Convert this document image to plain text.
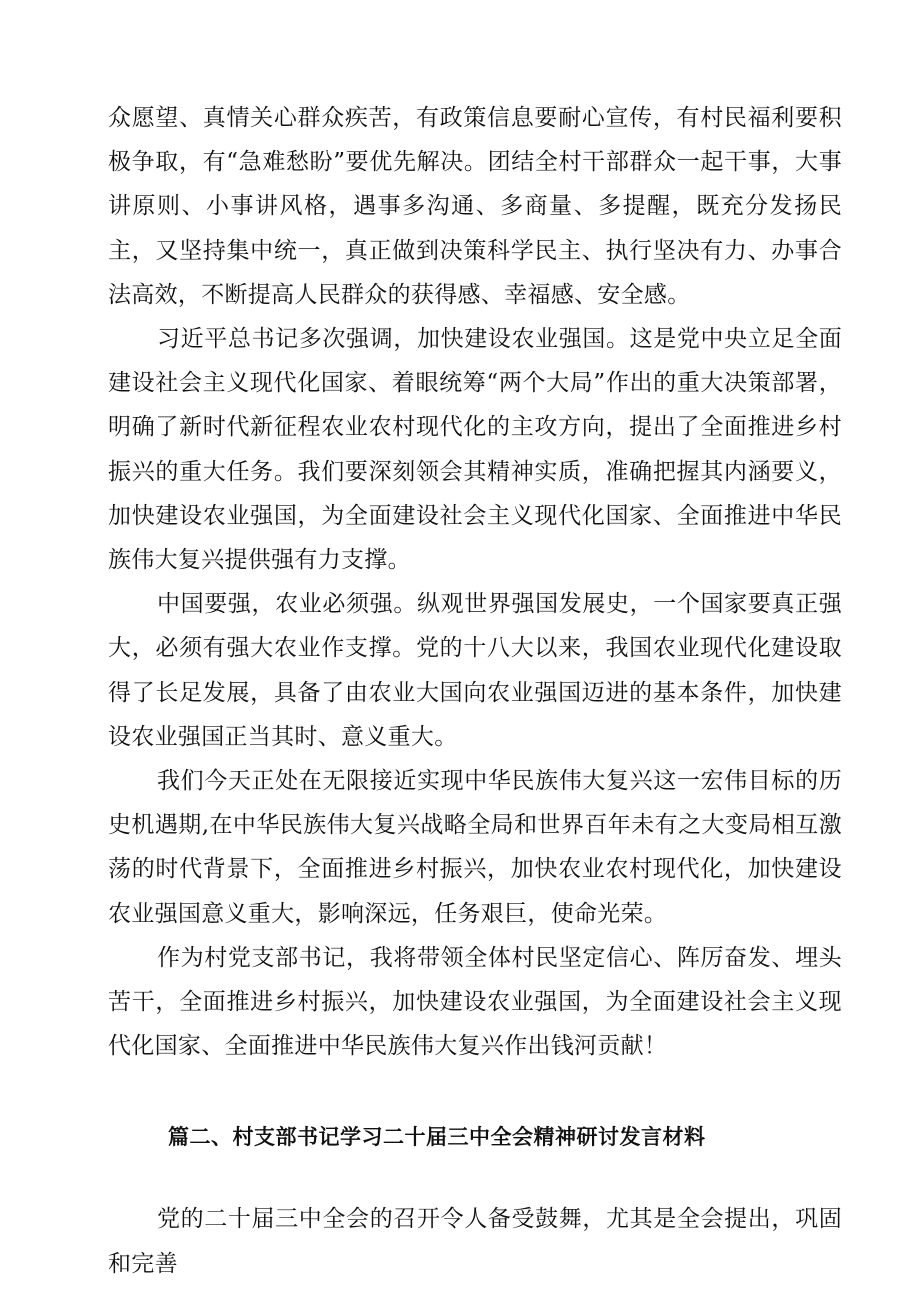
众愿望、真情关心群众疾苦，有政策信息要耐心宣传，有村民福利要积极争取，有“急难愁盼”要优先解决。团结全村干部群众一起干事，大事讲原则、小事讲风格，遇事多沟通、多商量、多提醒，既充分发扬民主，又坚持集中统一，真正做到决策科学民主、执行坚决有力、办事合法高效，不断提高人民群众的获得感、幸福感、安全感。

习近平总书记多次强调，加快建设农业强国。这是党中央立足全面建设社会主义现代化国家、着眼统筹“两个大局”作出的重大决策部署，明确了新时代新征程农业农村现代化的主攻方向，提出了全面推进乡村振兴的重大任务。我们要深刻领会其精神实质，准确把握其内涵要义，加快建设农业强国，为全面建设社会主义现代化国家、全面推进中华民族伟大复兴提供强有力支撑。

中国要强，农业必须强。纵观世界强国发展史，一个国家要真正强大，必须有强大农业作支撑。党的十八大以来，我国农业现代化建设取得了长足发展，具备了由农业大国向农业强国迈进的基本条件，加快建设农业强国正当其时、意义重大。

我们今天正处在无限接近实现中华民族伟大复兴这一宏伟目标的历史机遇期,在中华民族伟大复兴战略全局和世界百年未有之大变局相互激荡的时代背景下，全面推进乡村振兴，加快农业农村现代化，加快建设农业强国意义重大，影响深远，任务艰巨，使命光荣。

作为村党支部书记，我将带领全体村民坚定信心、阵厉奋发、埋头苦干，全面推进乡村振兴，加快建设农业强国，为全面建设社会主义现代化国家、全面推进中华民族伟大复兴作出钱河贡献！

篇二、村支部书记学习二十届三中全会精神研讨发言材料

党的二十届三中全会的召开令人备受鼓舞，尤其是全会提出，巩固和完善
